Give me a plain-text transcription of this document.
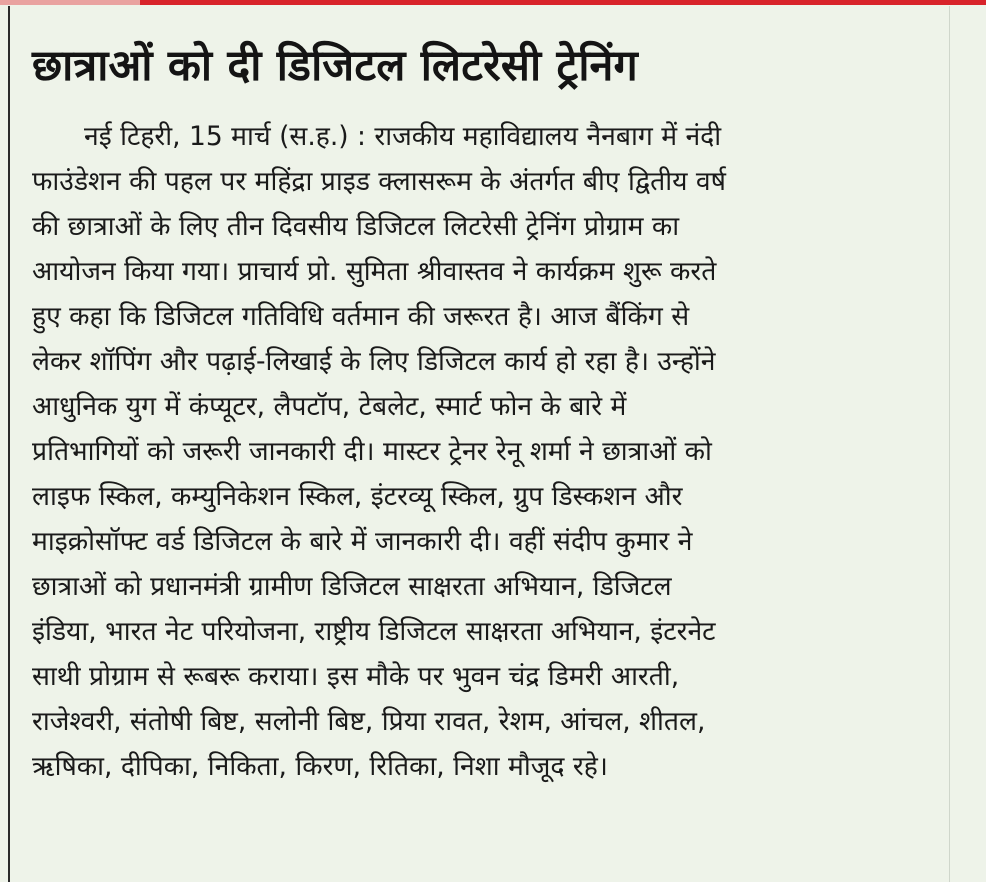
छात्राओं को दी डिजिटल लिटरेसी ट्रेनिंग
नई टिहरी, 15 मार्च (स.ह.) : राजकीय महाविद्यालय नैनबाग में नंदी
फाउंडेशन की पहल पर महिंद्रा प्राइड क्लासरूम के अंतर्गत बीए द्वितीय वर्ष
की छात्राओं के लिए तीन दिवसीय डिजिटल लिटरेसी ट्रेनिंग प्रोग्राम का
आयोजन किया गया। प्राचार्य प्रो. सुमिता श्रीवास्तव ने कार्यक्रम शुरू करते
हुए कहा कि डिजिटल गतिविधि वर्तमान की जरूरत है। आज बैंकिंग से
लेकर शॉपिंग और पढ़ाई-लिखाई के लिए डिजिटल कार्य हो रहा है। उन्होंने
आधुनिक युग में कंप्यूटर, लैपटॉप, टेबलेट, स्मार्ट फोन के बारे में
प्रतिभागियों को जरूरी जानकारी दी। मास्टर ट्रेनर रेनू शर्मा ने छात्राओं को
लाइफ स्किल, कम्युनिकेशन स्किल, इंटरव्यू स्किल, ग्रुप डिस्कशन और
माइक्रोसॉफ्ट वर्ड डिजिटल के बारे में जानकारी दी। वहीं संदीप कुमार ने
छात्राओं को प्रधानमंत्री ग्रामीण डिजिटल साक्षरता अभियान, डिजिटल
इंडिया, भारत नेट परियोजना, राष्ट्रीय डिजिटल साक्षरता अभियान, इंटरनेट
साथी प्रोग्राम से रूबरू कराया। इस मौके पर भुवन चंद्र डिमरी आरती,
राजेश्वरी, संतोषी बिष्ट, सलोनी बिष्ट, प्रिया रावत, रेशम, आंचल, शीतल,
ऋषिका, दीपिका, निकिता, किरण, रितिका, निशा मौजूद रहे।
